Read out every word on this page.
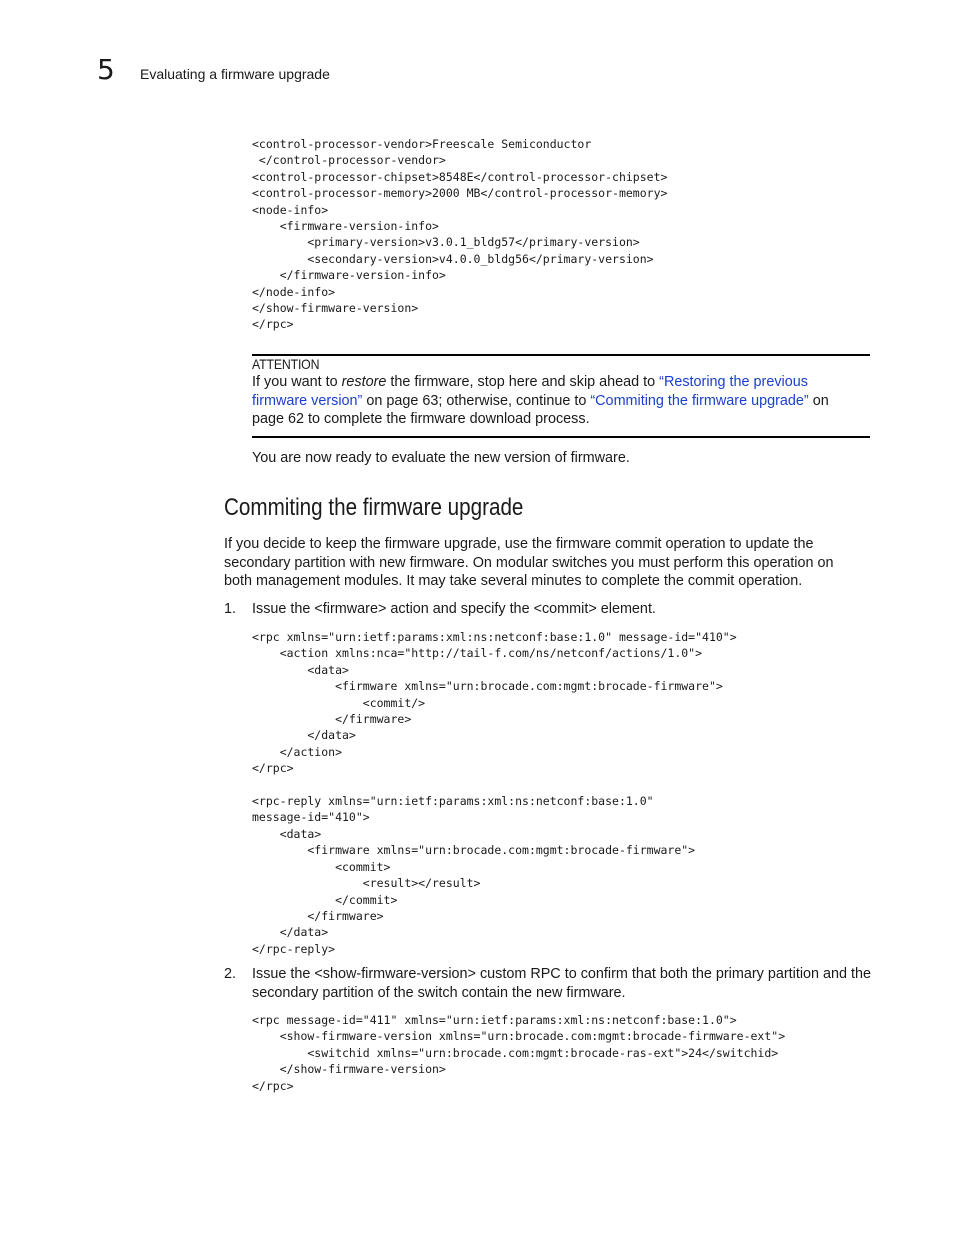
5 Evaluating a firmware upgrade
<control-processor-vendor>Freescale Semiconductor
</control-processor-vendor>
<control-processor-chipset>8548E</control-processor-chipset>
<control-processor-memory>2000 MB</control-processor-memory>
<node-info>
<firmware-version-info>
<primary-version>v3.0.1_bldg57</primary-version>
<secondary-version>v4.0.0_bldg56</primary-version>
</firmware-version-info>
</node-info>
</show-firmware-version>
</rpc>
ATTENTION

If you want to restore the firmware, stop here and skip ahead to “Restoring the previous firmware version” on page 63; otherwise, continue to “Commiting the firmware upgrade” on page 62 to complete the firmware download process.

You are now ready to evaluate the new version of firmware.

Commiting the firmware upgrade

If you decide to keep the firmware upgrade, use the firmware commit operation to update the secondary partition with new firmware. On modular switches you must perform this operation on both management modules. It may take several minutes to complete the commit operation.

1. Issue the <firmware> action and specify the <commit> element.

<rpc xmlns="urn:ietf:params:xml:ns:netconf:base:1.0" message-id="410">
<action xmlns:nca="http://tail-f.com/ns/netconf/actions/1.0">
<data>
<firmware xmlns="urn:brocade.com:mgmt:brocade-firmware">
<commit/>
</firmware>
</data>
</action>
</rpc>

<rpc-reply xmlns="urn:ietf:params:xml:ns:netconf:base:1.0"
message-id="410">
<data>
<firmware xmlns="urn:brocade.com:mgmt:brocade-firmware">
<commit>
<result></result>
</commit>
</firmware>
</data>
</rpc-reply>
2. Issue the <show-firmware-version> custom RPC to confirm that both the primary partition and the secondary partition of the switch contain the new firmware.

<rpc message-id="411" xmlns="urn:ietf:params:xml:ns:netconf:base:1.0">
<show-firmware-version xmlns="urn:brocade.com:mgmt:brocade-firmware-ext">
<switchid xmlns="urn:brocade.com:mgmt:brocade-ras-ext">24</switchid>
</show-firmware-version>
</rpc>
